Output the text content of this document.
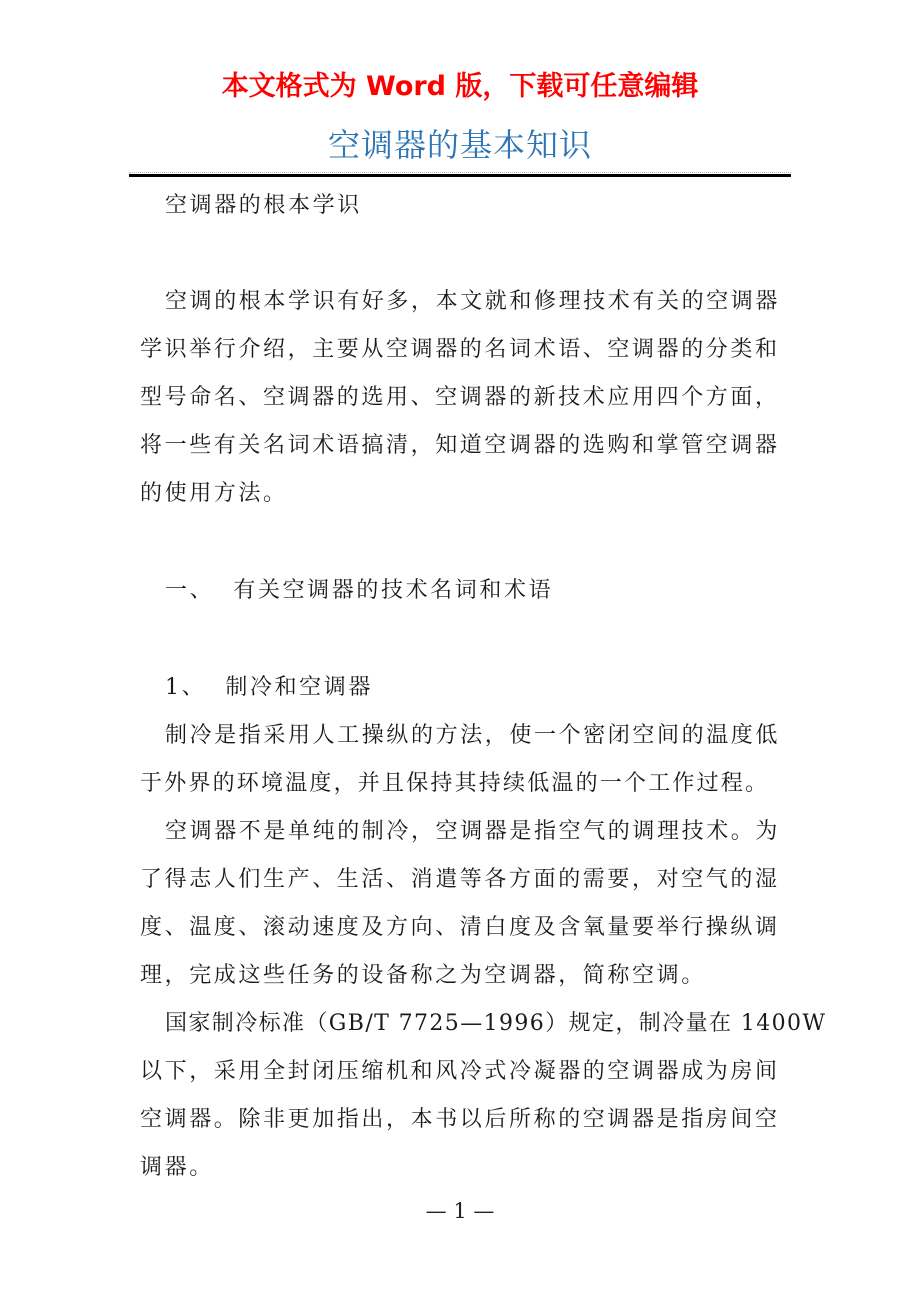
本文格式为 Word 版，下载可任意编辑
空调器的基本知识
空调器的根本学识
空调的根本学识有好多，本文就和修理技术有关的空调器
学识举行介绍，主要从空调器的名词术语、空调器的分类和
型号命名、空调器的选用、空调器的新技术应用四个方面，
将一些有关名词术语搞清，知道空调器的选购和掌管空调器
的使用方法。
一、  有关空调器的技术名词和术语
1、  制冷和空调器
制冷是指采用人工操纵的方法，使一个密闭空间的温度低
于外界的环境温度，并且保持其持续低温的一个工作过程。
空调器不是单纯的制冷，空调器是指空气的调理技术。为
了得志人们生产、生活、消遣等各方面的需要，对空气的湿
度、温度、滚动速度及方向、清白度及含氧量要举行操纵调
理，完成这些任务的设备称之为空调器，简称空调。
国家制冷标准（GB/T 7725—1996）规定，制冷量在 1400W
以下，采用全封闭压缩机和风冷式冷凝器的空调器成为房间
空调器。除非更加指出，本书以后所称的空调器是指房间空
调器。
— 1 —
